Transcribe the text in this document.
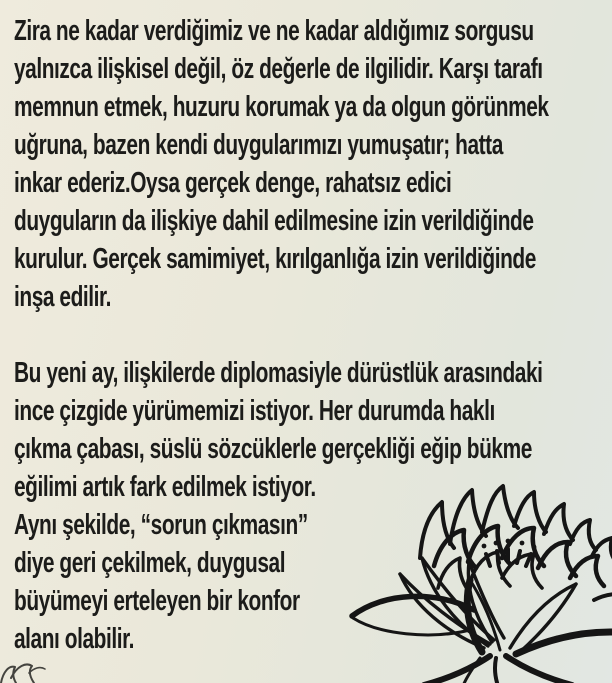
Zira ne kadar verdiğimiz ve ne kadar aldığımız sorgusu
yalnızca ilişkisel değil, öz değerle de ilgilidir. Karşı tarafı
memnun etmek, huzuru korumak ya da olgun görünmek
uğruna, bazen kendi duygularımızı yumuşatır; hatta
inkar ederiz.Oysa gerçek denge, rahatsız edici
duyguların da ilişkiye dahil edilmesine izin verildiğinde
kurulur. Gerçek samimiyet, kırılganlığa izin verildiğinde
inşa edilir.
Bu yeni ay, ilişkilerde diplomasiyle dürüstlük arasındaki
ince çizgide yürümemizi istiyor. Her durumda haklı
çıkma çabası, süslü sözcüklerle gerçekliği eğip bükme
eğilimi artık fark edilmek istiyor.
Aynı şekilde, “sorun çıkmasın”
diye geri çekilmek, duygusal
büyümeyi erteleyen bir konfor
alanı olabilir.
